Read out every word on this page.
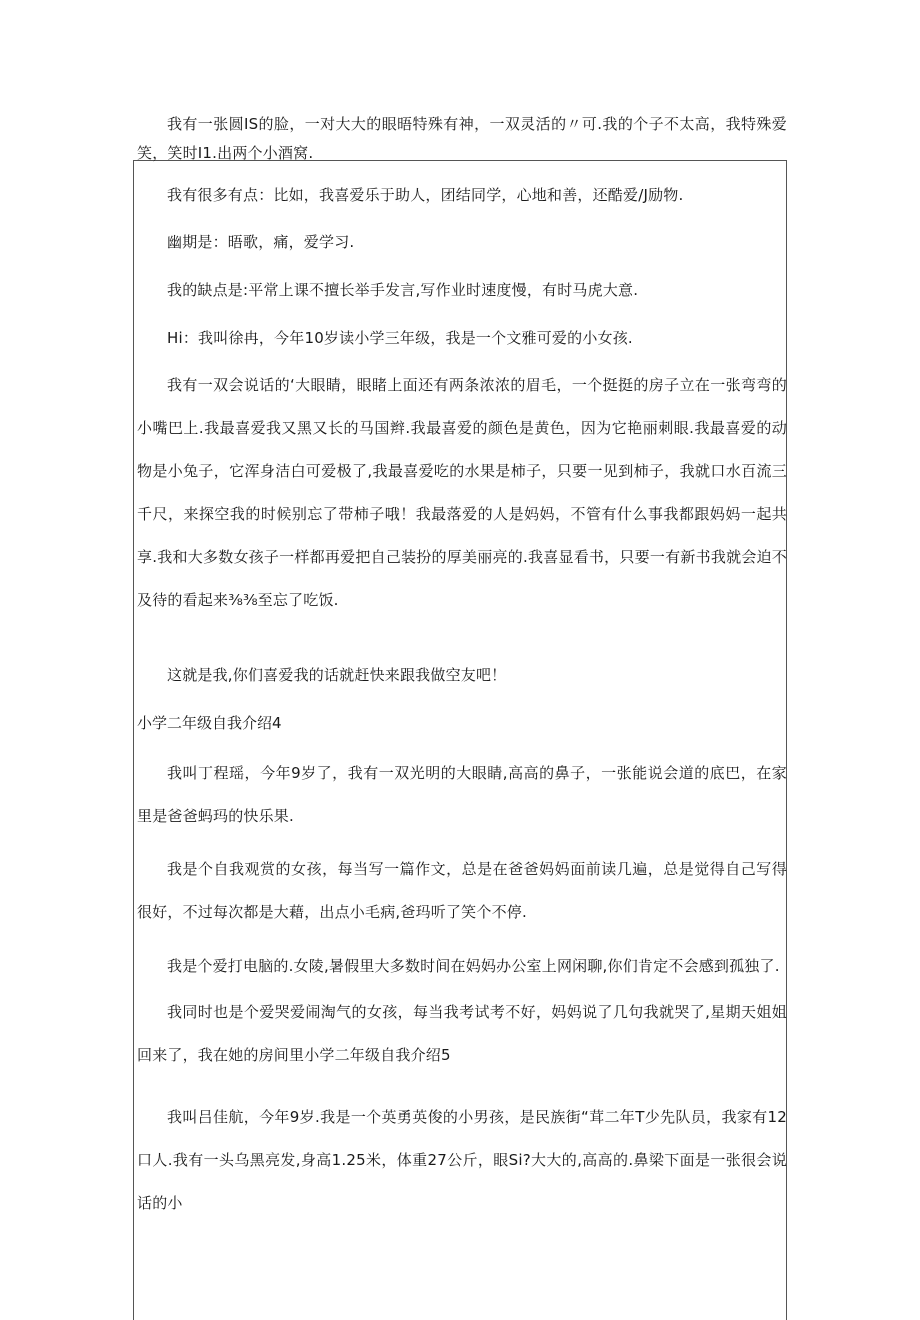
我有一张圆IS的脸，一对大大的眼晤特殊有神，一双灵活的〃可.我的个子不太高，我特殊爱笑，笑时I1.出两个小酒窝.

我有很多有点：比如，我喜爱乐于助人，团结同学，心地和善，还酷爱/J励物.

幽期是：晤歌，痛，爱学习.

我的缺点是:平常上课不擅长举手发言,写作业时速度慢，有时马虎大意.

Hi：我叫徐冉，今年10岁读小学三年级，我是一个文雅可爱的小女孩.

我有一双会说话的‘大眼睛，眼睹上面还有两条浓浓的眉毛，一个挺挺的房子立在一张弯弯的小嘴巴上.我最喜爱我又黑又长的马国辫.我最喜爱的颜色是黄色，因为它艳丽刺眼.我最喜爱的动物是小兔子，它浑身洁白可爱极了,我最喜爱吃的水果是柿子，只要一见到柿子，我就口水百流三千尺，来探空我的时候别忘了带柿子哦！我最落爱的人是妈妈，不管有什么事我都跟妈妈一起共享.我和大多数女孩子一样都再爱把自己装扮的厚美丽亮的.我喜显看书，只要一有新书我就会迫不及待的看起来⅜⅜至忘了吃饭.

这就是我,你们喜爱我的话就赶快来跟我做空友吧！

小学二年级自我介绍4

我叫丁程瑶，今年9岁了，我有一双光明的大眼睛,高高的鼻子，一张能说会道的底巴，在家里是爸爸蚂玛的快乐果.

我是个自我观赏的女孩，每当写一篇作文，总是在爸爸妈妈面前读几遍，总是觉得自己写得很好，不过每次都是大藉，出点小毛病,爸玛听了笑个不停.

我是个爱打电脑的.女陵,暑假里大多数时间在妈妈办公室上网闲聊,你们肯定不会感到孤独了.

我同时也是个爱哭爱闹淘气的女孩，每当我考试考不好，妈妈说了几句我就哭了,星期天姐姐回来了，我在她的房间里小学二年级自我介绍5

我叫吕佳航，今年9岁.我是一个英勇英俊的小男孩，是民族街“茸二年T少先队员，我家有12口人.我有一头乌黑亮发,身高1.25米，体重27公斤，眼Si?大大的,高高的.鼻梁下面是一张很会说话的小
